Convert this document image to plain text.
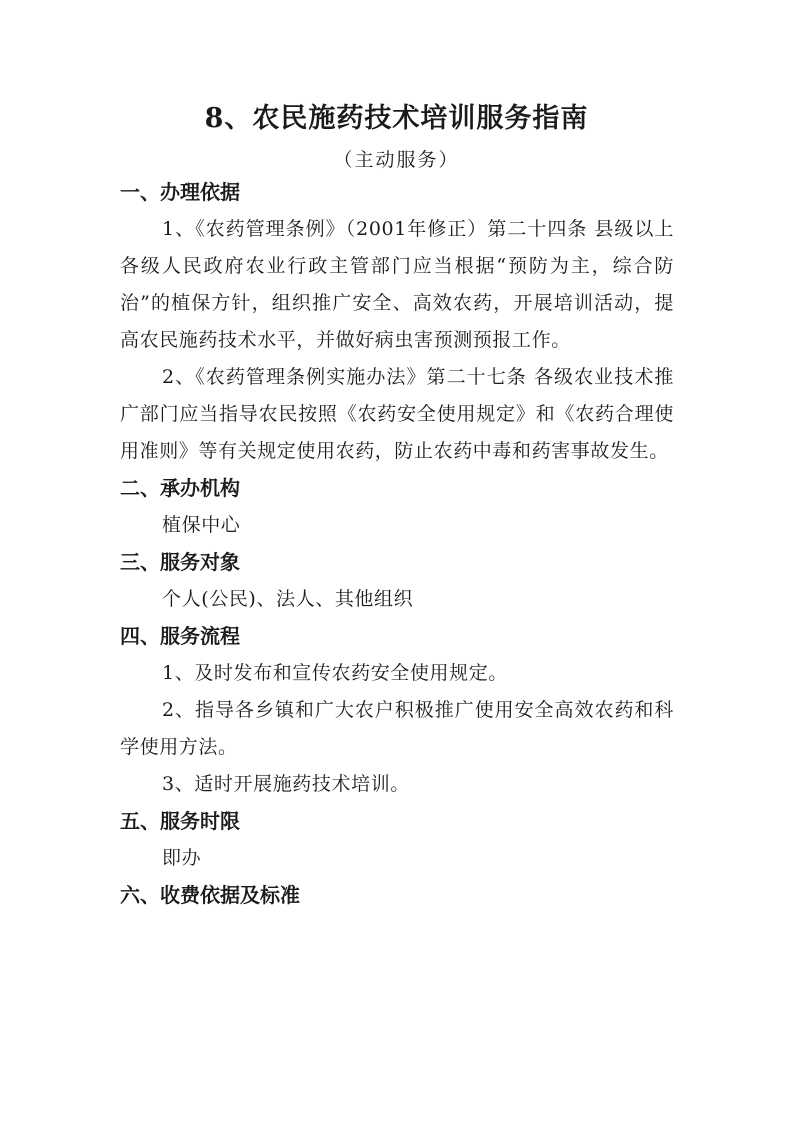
8、农民施药技术培训服务指南
（主动服务）
一、办理依据

1、《农药管理条例》（2001年修正）第二十四条 县级以上各级人民政府农业行政主管部门应当根据“预防为主，综合防治”的植保方针，组织推广安全、高效农药，开展培训活动，提高农民施药技术水平，并做好病虫害预测预报工作。

2、《农药管理条例实施办法》第二十七条 各级农业技术推广部门应当指导农民按照《农药安全使用规定》和《农药合理使用准则》等有关规定使用农药，防止农药中毒和药害事故发生。

二、承办机构
植保中心
三、服务对象
个人(公民)、法人、其他组织
四、服务流程
1、及时发布和宣传农药安全使用规定。

2、指导各乡镇和广大农户积极推广使用安全高效农药和科学使用方法。

3、适时开展施药技术培训。
五、服务时限
即办
六、收费依据及标准
